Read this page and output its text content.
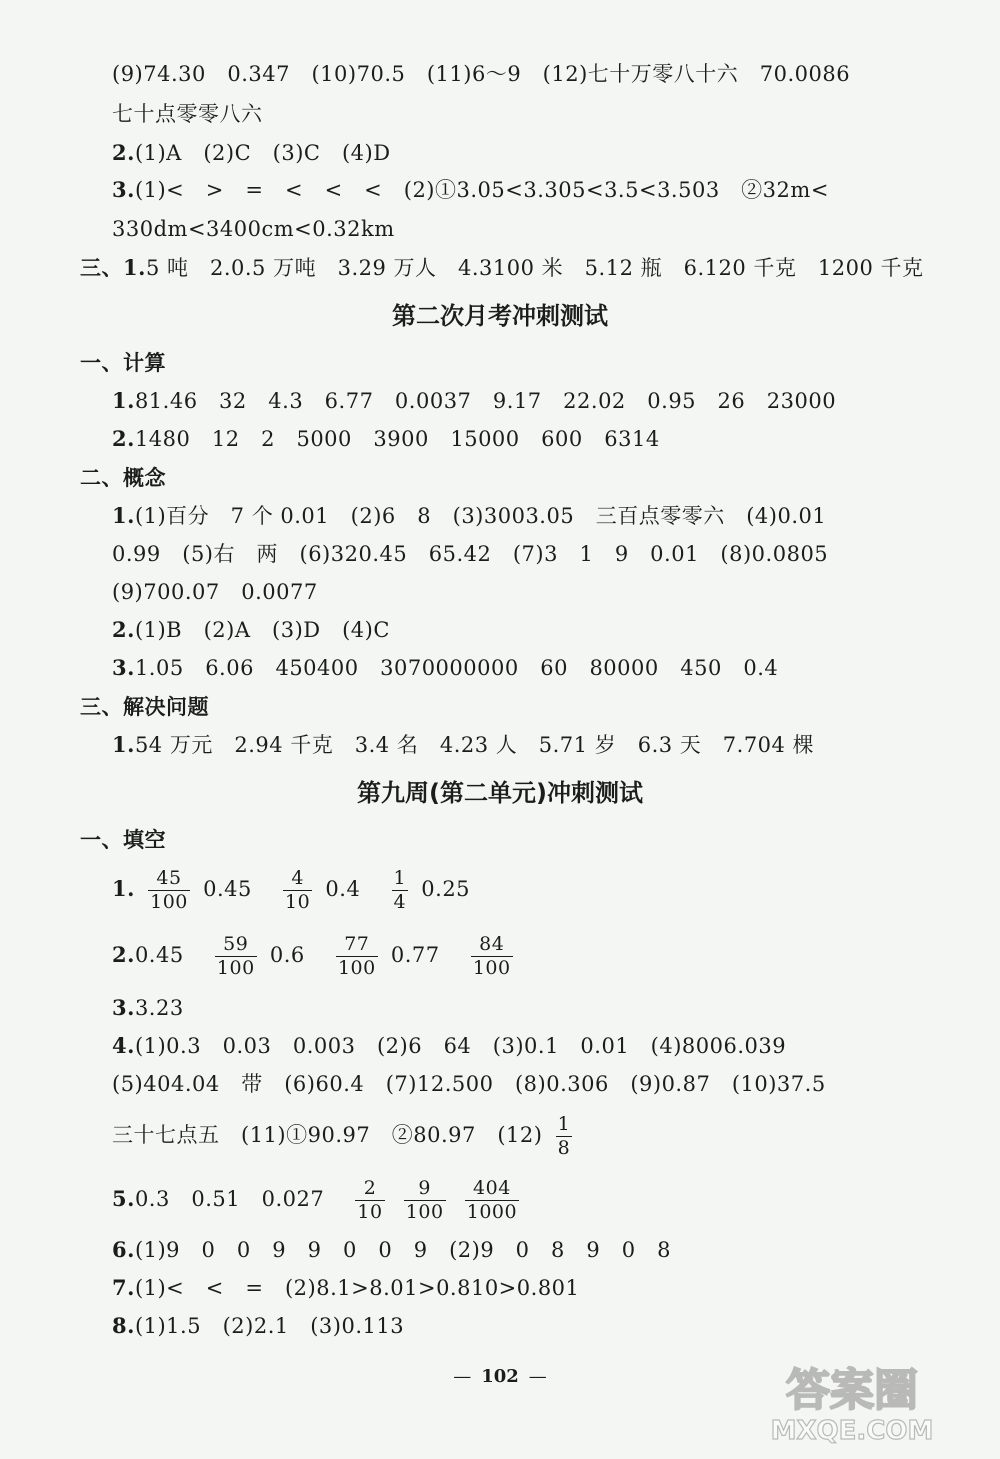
(9)74.30　0.347　(10)70.5　(11)6～9　(12)七十万零八十六　70.0086
七十点零零八六
2.(1)A　(2)C　(3)C　(4)D
3.(1)<　>　=　<　<　<　(2)①3.05<3.305<3.5<3.503　②32m<
330dm<3400cm<0.32km
三、1.5 吨　2.0.5 万吨　3.29 万人　4.3100 米　5.12 瓶　6.120 千克　1200 千克
第二次月考冲刺测试
一、计算
1.81.46　32　4.3　6.77　0.0037　9.17　22.02　0.95　26　23000
2.1480　12　2　5000　3900　15000　600　6314
二、概念
1.(1)百分　7 个 0.01　(2)6　8　(3)3003.05　三百点零零六　(4)0.01
0.99　(5)右　两　(6)320.45　65.42　(7)3　1　9　0.01　(8)0.0805
(9)700.07　0.0077
2.(1)B　(2)A　(3)D　(4)C
3.1.05　6.06　450400　3070000000　60　80000　450　0.4
三、解决问题
1.54 万元　2.94 千克　3.4 名　4.23 人　5.71 岁　6.3 天　7.704 棵
第九周(第二单元)冲刺测试
一、填空
1. $\frac{45}{100} 0.45 \frac{4}{10} 0.4 \frac{1}{4} 0.25$
$2.0.45 \frac{59}{100} 0.6 \frac{77}{100} 0.77 \frac{84}{100}$
3.3.23
4.(1)0.3　0.03　0.003　(2)6　64　(3)0.1　0.01　(4)8006.039
(5)404.04　带　(6)60.4　(7)12.500　(8)0.306　(9)0.87　(10)37.5
三十七点五　(11)①90.97　②80.97　$(12) \frac{1}{8}$
5.0.3　0.51　$0.027 \frac{2}{10}$
$\frac{9}{100}$
$\frac{404}{1000}$
6.(1)9　0　0　9　9　0　0　9　(2)9　0　8　9　0　8
7.(1)<　<　=　(2)8.1>8.01>0.810>0.801
8.(1)1.5　(2)2.1　(3)0.113
— 102 —	答案圈
MXQE.COM
